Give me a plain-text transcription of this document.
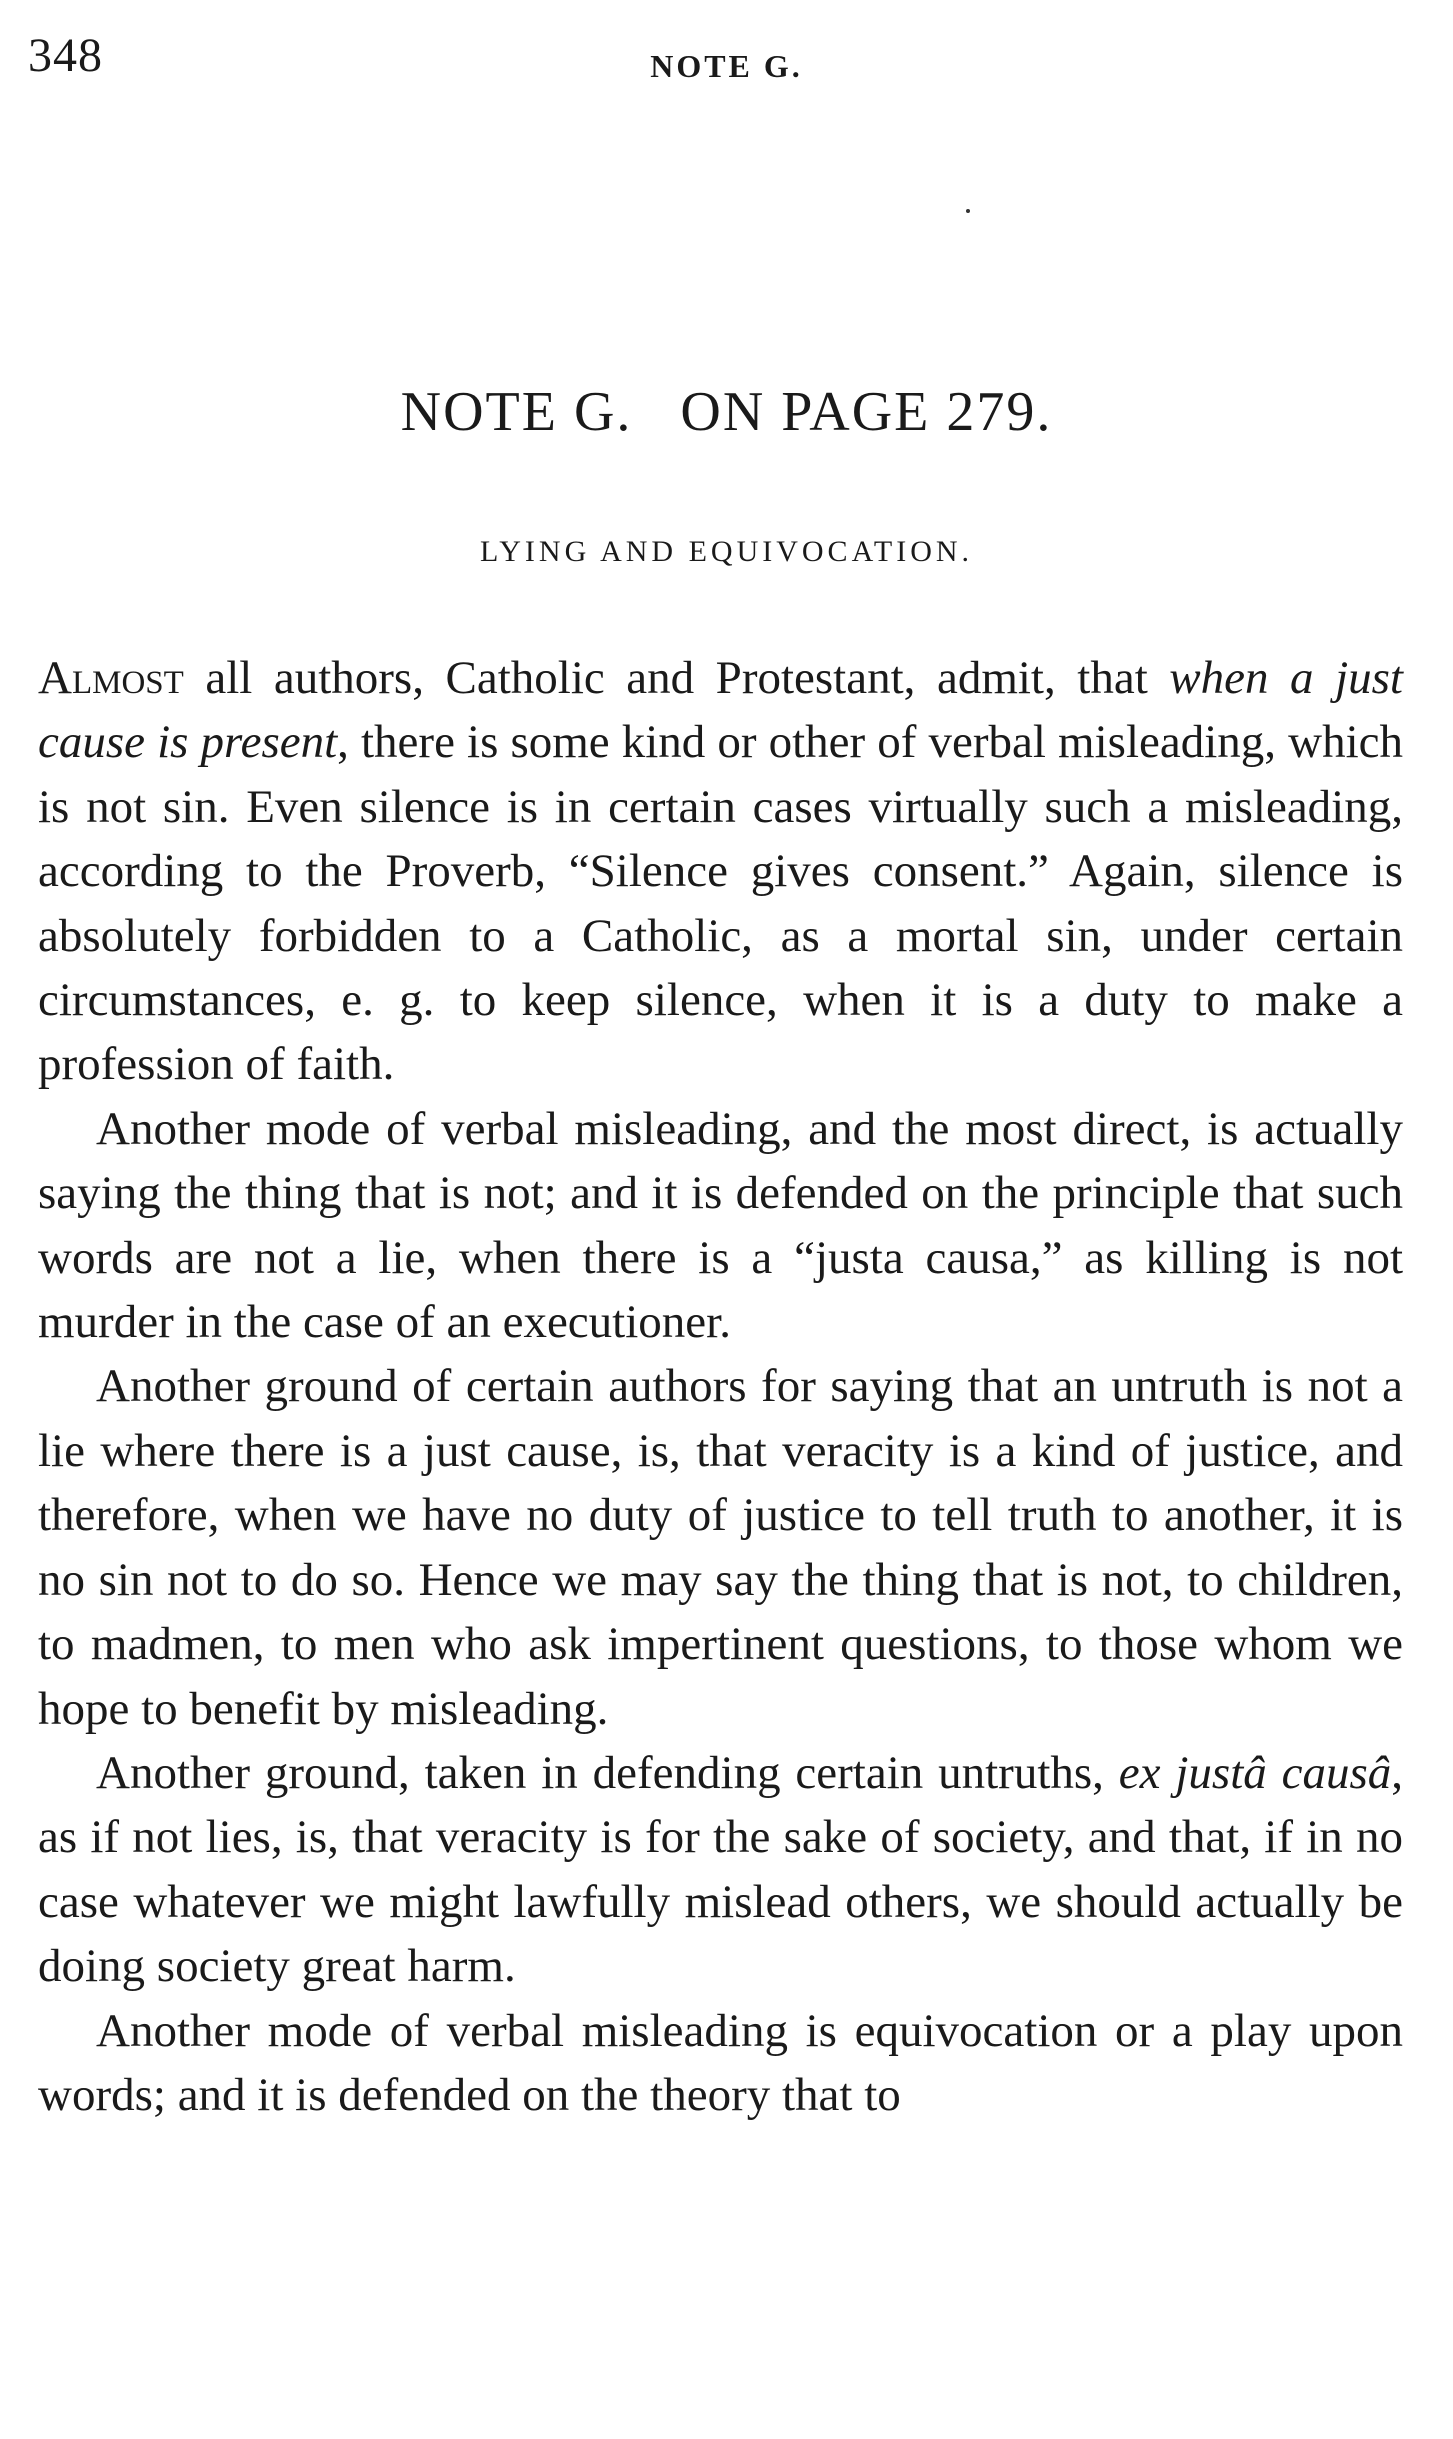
348	NOTE G.
NOTE G.   ON PAGE 279.
LYING AND EQUIVOCATION.

Almost all authors, Catholic and Protestant, admit, that when a just cause is present, there is some kind or other of verbal misleading, which is not sin. Even silence is in certain cases virtually such a misleading, according to the Proverb, “Silence gives consent.” Again, silence is absolutely forbidden to a Catholic, as a mortal sin, under certain circumstances, e. g. to keep silence, when it is a duty to make a profession of faith.

Another mode of verbal misleading, and the most direct, is actually saying the thing that is not; and it is defended on the principle that such words are not a lie, when there is a “justa causa,” as killing is not murder in the case of an executioner.

Another ground of certain authors for saying that an untruth is not a lie where there is a just cause, is, that veracity is a kind of justice, and therefore, when we have no duty of justice to tell truth to another, it is no sin not to do so. Hence we may say the thing that is not, to children, to madmen, to men who ask impertinent questions, to those whom we hope to benefit by misleading.

Another ground, taken in defending certain untruths, ex justâ causâ, as if not lies, is, that veracity is for the sake of society, and that, if in no case whatever we might lawfully mislead others, we should actually be doing society great harm.

Another mode of verbal misleading is equivocation or a play upon words; and it is defended on the theory that to
